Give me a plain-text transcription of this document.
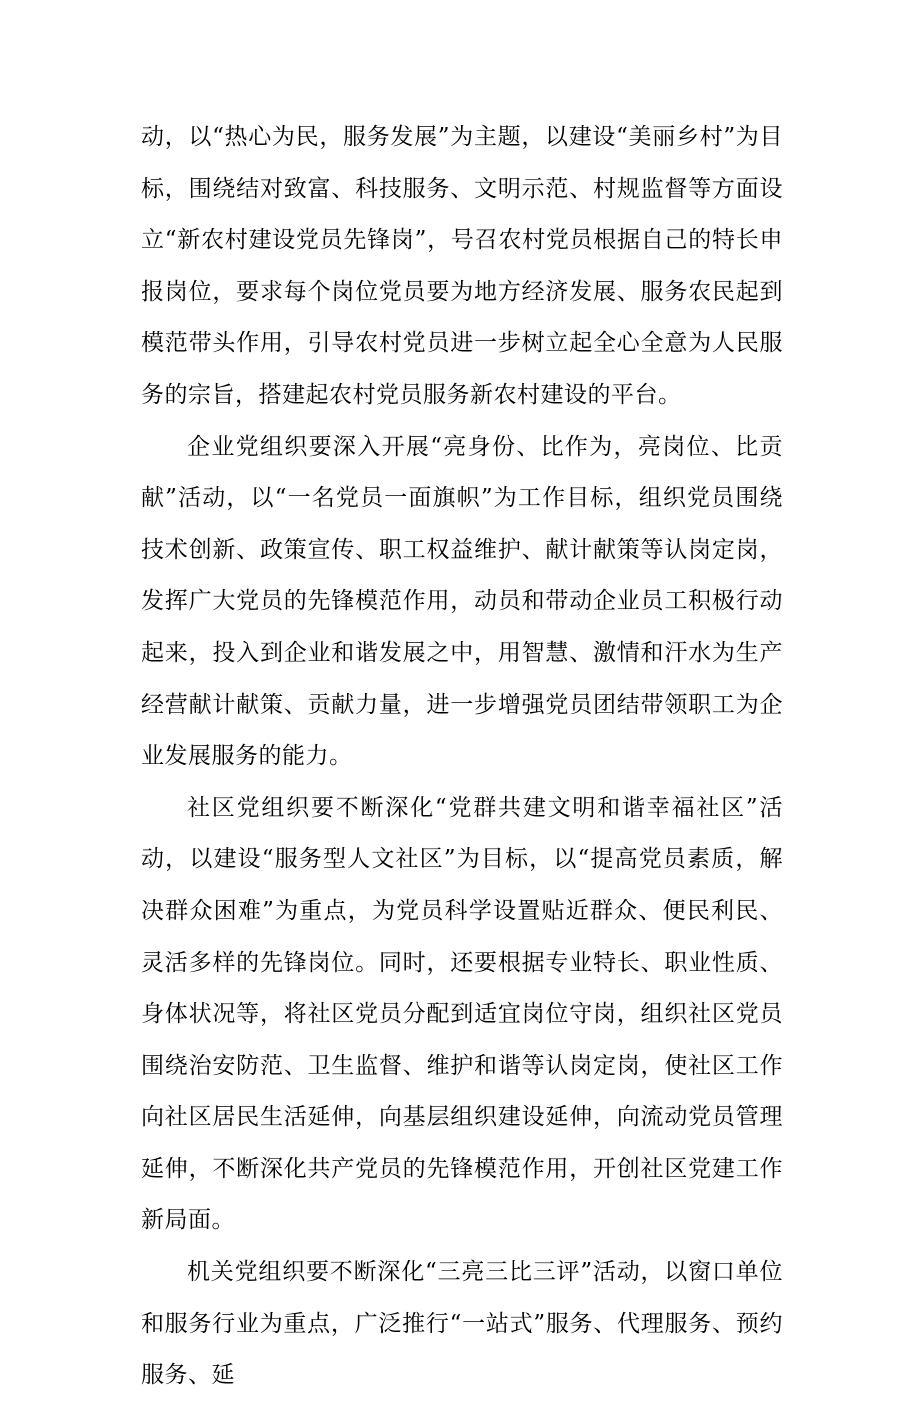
动，以“热心为民，服务发展”为主题，以建设“美丽乡村”为目标，围绕结对致富、科技服务、文明示范、村规监督等方面设立“新农村建设党员先锋岗”，号召农村党员根据自己的特长申报岗位，要求每个岗位党员要为地方经济发展、服务农民起到模范带头作用，引导农村党员进一步树立起全心全意为人民服务的宗旨，搭建起农村党员服务新农村建设的平台。

企业党组织要深入开展“亮身份、比作为，亮岗位、比贡献”活动，以“一名党员一面旗帜”为工作目标，组织党员围绕技术创新、政策宣传、职工权益维护、献计献策等认岗定岗，发挥广大党员的先锋模范作用，动员和带动企业员工积极行动起来，投入到企业和谐发展之中，用智慧、激情和汗水为生产经营献计献策、贡献力量，进一步增强党员团结带领职工为企业发展服务的能力。

社区党组织要不断深化“党群共建文明和谐幸福社区”活动，以建设“服务型人文社区”为目标，以“提高党员素质，解决群众困难”为重点，为党员科学设置贴近群众、便民利民、灵活多样的先锋岗位。同时，还要根据专业特长、职业性质、身体状况等，将社区党员分配到适宜岗位守岗，组织社区党员围绕治安防范、卫生监督、维护和谐等认岗定岗，使社区工作向社区居民生活延伸，向基层组织建设延伸，向流动党员管理延伸，不断深化共产党员的先锋模范作用，开创社区党建工作新局面。

机关党组织要不断深化“三亮三比三评”活动，以窗口单位和服务行业为重点，广泛推行“一站式”服务、代理服务、预约服务、延
